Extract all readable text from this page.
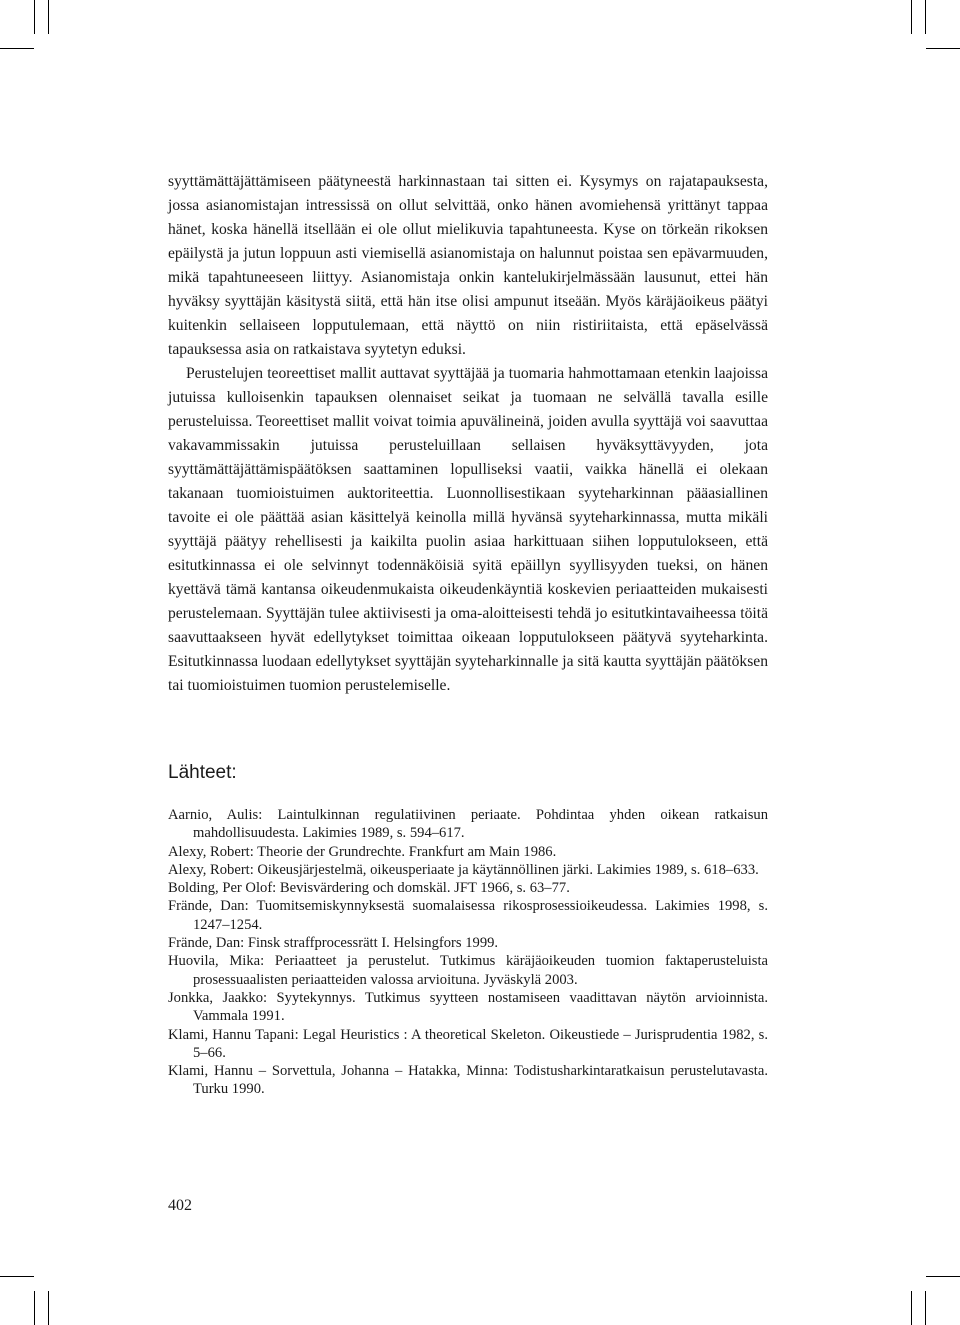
syyttämättäjättämiseen päätyneestä harkinnastaan tai sitten ei. Kysymys on rajatapauksesta, jossa asianomistajan intressissä on ollut selvittää, onko hänen avomiehensä yrittänyt tappaa hänet, koska hänellä itsellään ei ole ollut mielikuvia tapahtuneesta. Kyse on törkeän rikoksen epäilystä ja jutun loppuun asti viemisellä asianomistaja on halunnut poistaa sen epävarmuuden, mikä tapahtuneeseen liittyy. Asianomistaja onkin kantelukirjelmässään lausunut, ettei hän hyväksy syyttäjän käsitystä siitä, että hän itse olisi ampunut itseään. Myös käräjäoikeus päätyi kuitenkin sellaiseen lopputulemaan, että näyttö on niin ristiriitaista, että epäselvässä tapauksessa asia on ratkaistava syytetyn eduksi.

Perustelujen teoreettiset mallit auttavat syyttäjää ja tuomaria hahmottamaan etenkin laajoissa jutuissa kulloisenkin tapauksen olennaiset seikat ja tuomaan ne selvällä tavalla esille perusteluissa. Teoreettiset mallit voivat toimia apuvälineinä, joiden avulla syyttäjä voi saavuttaa vakavammissakin jutuissa perusteluillaan sellaisen hyväksyttävyyden, jota syyttämättäjättämispäätöksen saattaminen lopulliseksi vaatii, vaikka hänellä ei olekaan takanaan tuomioistuimen auktoriteettia. Luonnollisestikaan syyteharkinnan pääasiallinen tavoite ei ole päättää asian käsittelyä keinolla millä hyvänsä syyteharkinnassa, mutta mikäli syyttäjä päätyy rehellisesti ja kaikilta puolin asiaa harkittuaan siihen lopputulokseen, että esitutkinnassa ei ole selvinnyt todennäköisiä syitä epäillyn syyllisyyden tueksi, on hänen kyettävä tämä kantansa oikeudenmukaista oikeudenkäyntiä koskevien periaatteiden mukaisesti perustelemaan. Syyttäjän tulee aktiivisesti ja oma-aloitteisesti tehdä jo esitutkintavaiheessa töitä saavuttaakseen hyvät edellytykset toimittaa oikeaan lopputulokseen päätyvä syyteharkinta. Esitutkinnassa luodaan edellytykset syyttäjän syyteharkinnalle ja sitä kautta syyttäjän päätöksen tai tuomioistuimen tuomion perustelemiselle.

Lähteet:
Aarnio, Aulis: Laintulkinnan regulatiivinen periaate. Pohdintaa yhden oikean ratkaisun mahdollisuudesta. Lakimies 1989, s. 594–617.
Alexy, Robert: Theorie der Grundrechte. Frankfurt am Main 1986.
Alexy, Robert: Oikeusjärjestelmä, oikeusperiaate ja käytännöllinen järki. Lakimies 1989, s. 618–633.
Bolding, Per Olof: Bevisvärdering och domskäl. JFT 1966, s. 63–77.
Frände, Dan: Tuomitsemiskynnyksestä suomalaisessa rikosprosessioikeudessa. Lakimies 1998, s. 1247–1254.
Frände, Dan: Finsk straffprocessrätt I. Helsingfors 1999.
Huovila, Mika: Periaatteet ja perustelut. Tutkimus käräjäoikeuden tuomion faktaperusteluista prosessuaalisten periaatteiden valossa arvioituna. Jyväskylä 2003.
Jonkka, Jaakko: Syytekynnys. Tutkimus syytteen nostamiseen vaadittavan näytön arvioinnista. Vammala 1991.
Klami, Hannu Tapani: Legal Heuristics : A theoretical Skeleton. Oikeustiede – Jurisprudentia 1982, s. 5–66.
Klami, Hannu – Sorvettula, Johanna – Hatakka, Minna: Todistusharkintaratkaisun perustelutavasta. Turku 1990.
402
